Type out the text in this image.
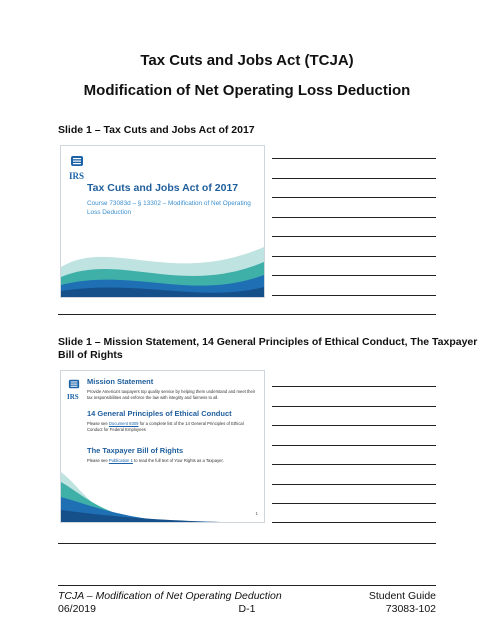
Tax Cuts and Jobs Act (TCJA)
Modification of Net Operating Loss Deduction
Slide 1 – Tax Cuts and Jobs Act of 2017
IRS
Tax Cuts and Jobs Act of 2017
Course 73083d – § 13302 – Modification of Net Operating Loss Deduction
Slide 1 – Mission Statement, 14 General Principles of Ethical Conduct, The Taxpayer Bill of Rights
IRS
Mission Statement
Provide America's taxpayers top quality service by helping them understand and meet their tax responsibilities and enforce the law with integrity and fairness to all.
14 General Principles of Ethical Conduct
Please see Document 9309 for a complete list of the 14 General Principles of Ethical Conduct for Federal Employees
The Taxpayer Bill of Rights
Please see Publication 1 to read the full text of Your Rights as a Taxpayer.
1
TCJA – Modification of Net Operating Deduction
06/2019	D-1
Student Guide
73083-102
